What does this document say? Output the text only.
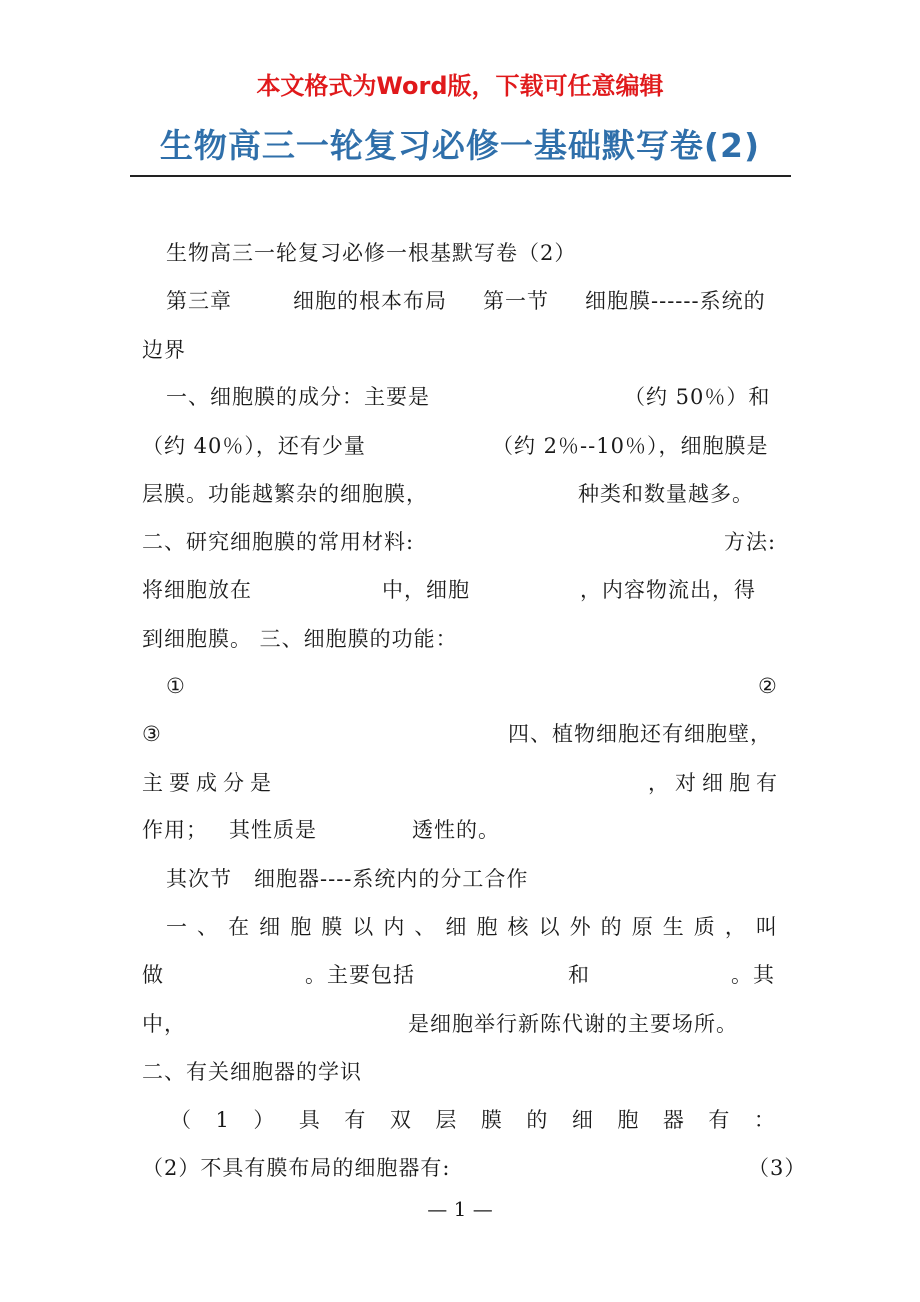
本文格式为Word版，下载可任意编辑
生物高三一轮复习必修一基础默写卷(2)
生物高三一轮复习必修一根基默写卷（2）
第三章	细胞的根本布局 第一节 细胞膜------系统的
边界
一、细胞膜的成分：主要是	（约 50％）和
（约 40％），还有少量	（约 2％--10％），细胞膜是
层膜。功能越繁杂的细胞膜，	种类和数量越多。
二、研究细胞膜的常用材料:	方法:
将细胞放在	中，细胞	，内容物流出，得
到细胞膜。 三、细胞膜的功能：
①	②
③	四、植物细胞还有细胞壁，
主要成分是	，对细胞有
作用； 其性质是	透性的。
其次节　细胞器----系统内的分工合作
一 、 在 细 胞 膜 以 内 、 细 胞 核 以 外 的 原 生 质 ， 叫
做	。主要包括	和	。其
中，	是细胞举行新陈代谢的主要场所。
二、有关细胞器的学识
（ 1 ） 具 有 双 层 膜 的 细 胞 器 有 ：
（2）不具有膜布局的细胞器有:	（3）
— 1 —
